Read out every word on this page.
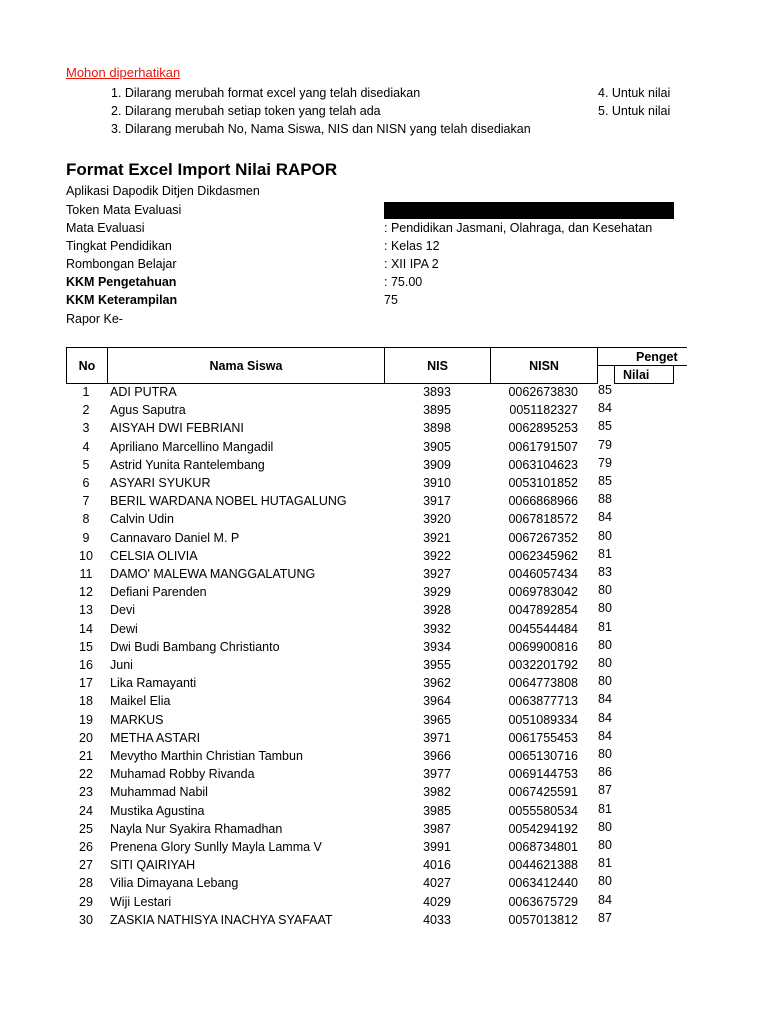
Mohon diperhatikan
1. Dilarang merubah format excel yang telah disediakan
2. Dilarang merubah setiap token yang telah ada
3. Dilarang merubah No, Nama Siswa, NIS dan NISN yang telah disediakan
4. Untuk nilai
5. Untuk nilai
Format Excel Import Nilai RAPOR
Aplikasi Dapodik Ditjen Dikdasmen
Token Mata Evaluasi
Mata Evaluasi	: Pendidikan Jasmani, Olahraga, dan Kesehatan
Tingkat Pendidikan	: Kelas 12
Rombongan Belajar	: XII IPA 2
KKM Pengetahuan	: 75.00
KKM Keterampilan	75
Rapor Ke-
No	Nama Siswa	NIS	NISN
Penget
Nilai
1	ADI PUTRA	3893	0062673830 85
2	Agus Saputra	3895	0051182327 84
3	AISYAH DWI FEBRIANI	3898	0062895253 85
4	Apriliano Marcellino Mangadil	3905	0061791507 79
5	Astrid Yunita Rantelembang	3909	0063104623 79
6	ASYARI SYUKUR	3910	0053101852 85
7	BERIL WARDANA NOBEL HUTAGALUNG	3917	0066868966 88
8	Calvin Udin	3920	0067818572 84
9	Cannavaro Daniel M. P	3921	0067267352 80
10	CELSIA OLIVIA	3922	0062345962 81
11	DAMO' MALEWA MANGGALATUNG	3927	0046057434 83
12	Defiani Parenden	3929	0069783042 80
13	Devi	3928	0047892854 80
14	Dewi	3932	0045544484 81
15	Dwi Budi Bambang Christianto	3934	0069900816 80
16	Juni	3955	0032201792 80
17	Lika Ramayanti	3962	0064773808 80
18	Maikel Elia	3964	0063877713 84
19	MARKUS	3965	0051089334 84
20	METHA ASTARI	3971	0061755453 84
21	Mevytho Marthin Christian Tambun	3966	0065130716 80
22	Muhamad Robby Rivanda	3977	0069144753 86
23	Muhammad Nabil	3982	0067425591 87
24	Mustika Agustina	3985	0055580534 81
25	Nayla Nur Syakira Rhamadhan	3987	0054294192 80
26	Prenena Glory Sunlly Mayla Lamma V	3991	0068734801 80
27	SITI QAIRIYAH	4016	0044621388 81
28	Vilia Dimayana Lebang	4027	0063412440 80
29	Wiji Lestari	4029	0063675729 84
30	ZASKIA NATHISYA INACHYA SYAFAAT	4033	0057013812 87
